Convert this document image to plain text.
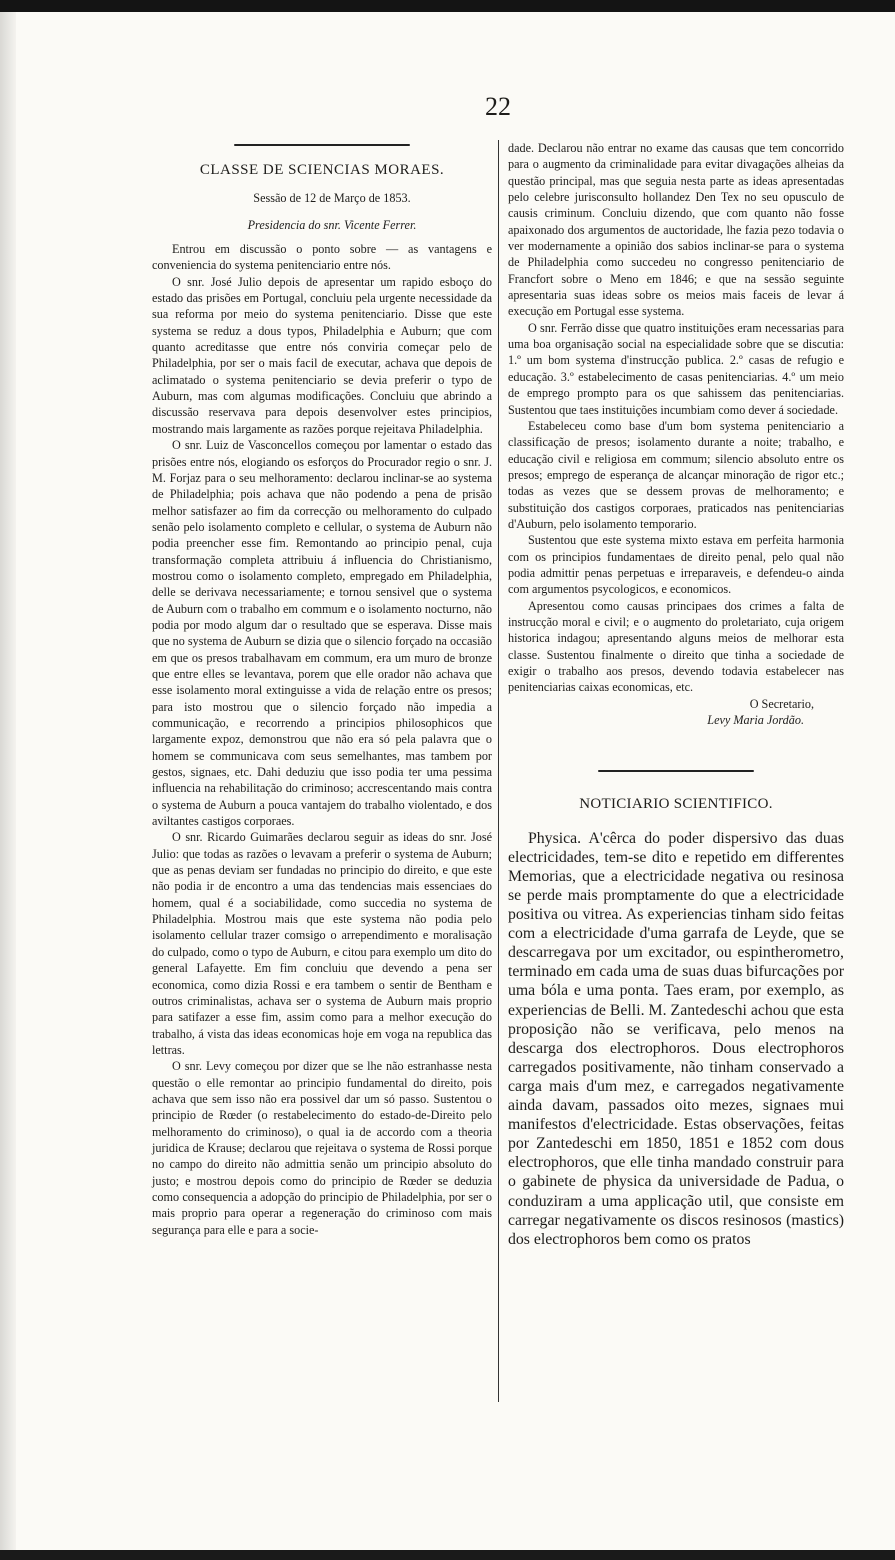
22
CLASSE DE SCIENCIAS MORAES.

Sessão de 12 de Março de 1853.

Presidencia do snr. Vicente Ferrer.

Entrou em discussão o ponto sobre — as vantagens e conveniencia do systema penitenciario entre nós.

O snr. José Julio depois de apresentar um rapido esboço do estado das prisões em Portugal, concluiu pela urgente necessidade da sua reforma por meio do systema penitenciario. Disse que este systema se reduz a dous typos, Philadelphia e Auburn; que com quanto acreditasse que entre nós conviria começar pelo de Philadelphia, por ser o mais facil de executar, achava que depois de aclimatado o systema penitenciario se devia preferir o typo de Auburn, mas com algumas modificações. Concluiu que abrindo a discussão reservava para depois desenvolver estes principios, mostrando mais largamente as razões porque rejeitava Philadelphia.

O snr. Luiz de Vasconcellos começou por lamentar o estado das prisões entre nós, elogiando os esforços do Procurador regio o snr. J. M. Forjaz para o seu melhoramento: declarou inclinar-se ao systema de Philadelphia; pois achava que não podendo a pena de prisão melhor satisfazer ao fim da correcção ou melhoramento do culpado senão pelo isolamento completo e cellular, o systema de Auburn não podia preencher esse fim. Remontando ao principio penal, cuja transformação completa attribuiu á influencia do Christianismo, mostrou como o isolamento completo, empregado em Philadelphia, delle se derivava necessariamente; e tornou sensivel que o systema de Auburn com o trabalho em commum e o isolamento nocturno, não podia por modo algum dar o resultado que se esperava. Disse mais que no systema de Auburn se dizia que o silencio forçado na occasião em que os presos trabalhavam em commum, era um muro de bronze que entre elles se levantava, porem que elle orador não achava que esse isolamento moral extinguisse a vida de relação entre os presos; para isto mostrou que o silencio forçado não impedia a communicação, e recorrendo a principios philosophicos que largamente expoz, demonstrou que não era só pela palavra que o homem se communicava com seus semelhantes, mas tambem por gestos, signaes, etc. Dahi deduziu que isso podia ter uma pessima influencia na rehabilitação do criminoso; accrescentando mais contra o systema de Auburn a pouca vantajem do trabalho violentado, e dos aviltantes castigos corporaes.

O snr. Ricardo Guimarães declarou seguir as ideas do snr. José Julio: que todas as razões o levavam a preferir o systema de Auburn; que as penas deviam ser fundadas no principio do direito, e que este não podia ir de encontro a uma das tendencias mais essenciaes do homem, qual é a sociabilidade, como succedia no systema de Philadelphia. Mostrou mais que este systema não podia pelo isolamento cellular trazer comsigo o arrependimento e moralisação do culpado, como o typo de Auburn, e citou para exemplo um dito do general Lafayette. Em fim concluiu que devendo a pena ser economica, como dizia Rossi e era tambem o sentir de Bentham e outros criminalistas, achava ser o systema de Auburn mais proprio para satifazer a esse fim, assim como para a melhor execução do trabalho, á vista das ideas economicas hoje em voga na republica das lettras.

O snr. Levy começou por dizer que se lhe não estranhasse nesta questão o elle remontar ao principio fundamental do direito, pois achava que sem isso não era possivel dar um só passo. Sustentou o principio de Rœder (o restabelecimento do estado-de-Direito pelo melhoramento do criminoso), o qual ia de accordo com a theoria juridica de Krause; declarou que rejeitava o systema de Rossi porque no campo do direito não admittia senão um principio absoluto do justo; e mostrou depois como do principio de Rœder se deduzia como consequencia a adopção do principio de Philadelphia, por ser o mais proprio para operar a regeneração do criminoso com mais segurança para elle e para a socie-

dade. Declarou não entrar no exame das causas que tem concorrido para o augmento da criminalidade para evitar divagações alheias da questão principal, mas que seguia nesta parte as ideas apresentadas pelo celebre jurisconsulto hollandez Den Tex no seu opusculo de causis criminum. Concluiu dizendo, que com quanto não fosse apaixonado dos argumentos de auctoridade, lhe fazia pezo todavia o ver modernamente a opinião dos sabios inclinar-se para o systema de Philadelphia como succedeu no congresso penitenciario de Francfort sobre o Meno em 1846; e que na sessão seguinte apresentaria suas ideas sobre os meios mais faceis de levar á execução em Portugal esse systema.

O snr. Ferrão disse que quatro instituições eram necessarias para uma boa organisação social na especialidade sobre que se discutia: 1.º um bom systema d'instrucção publica. 2.º casas de refugio e educação. 3.º estabelecimento de casas penitenciarias. 4.º um meio de emprego prompto para os que sahissem das penitenciarias. Sustentou que taes instituições incumbiam como dever á sociedade.

Estabeleceu como base d'um bom systema penitenciario a classificação de presos; isolamento durante a noite; trabalho, e educação civil e religiosa em commum; silencio absoluto entre os presos; emprego de esperança de alcançar minoração de rigor etc.; todas as vezes que se dessem provas de melhoramento; e substituição dos castigos corporaes, praticados nas penitenciarias d'Auburn, pelo isolamento temporario.

Sustentou que este systema mixto estava em perfeita harmonia com os principios fundamentaes de direito penal, pelo qual não podia admittir penas perpetuas e irreparaveis, e defendeu-o ainda com argumentos psycologicos, e economicos.

Apresentou como causas principaes dos crimes a falta de instrucção moral e civil; e o augmento do proletariato, cuja origem historica indagou; apresentando alguns meios de melhorar esta classe. Sustentou finalmente o direito que tinha a sociedade de exigir o trabalho aos presos, devendo todavia estabelecer nas penitenciarias caixas economicas, etc.

O Secretario,

Levy Maria Jordão.

NOTICIARIO SCIENTIFICO.

Physica. A'cêrca do poder dispersivo das duas electricidades, tem-se dito e repetido em differentes Memorias, que a electricidade negativa ou resinosa se perde mais promptamente do que a electricidade positiva ou vitrea. As experiencias tinham sido feitas com a electricidade d'uma garrafa de Leyde, que se descarregava por um excitador, ou espintherometro, terminado em cada uma de suas duas bifurcações por uma bóla e uma ponta. Taes eram, por exemplo, as experiencias de Belli. M. Zantedeschi achou que esta proposição não se verificava, pelo menos na descarga dos electrophoros. Dous electrophoros carregados positivamente, não tinham conservado a carga mais d'um mez, e carregados negativamente ainda davam, passados oito mezes, signaes mui manifestos d'electricidade. Estas observações, feitas por Zantedeschi em 1850, 1851 e 1852 com dous electrophoros, que elle tinha mandado construir para o gabinete de physica da universidade de Padua, o conduziram a uma applicação util, que consiste em carregar negativamente os discos resinosos (mastics) dos electrophoros bem como os pratos
